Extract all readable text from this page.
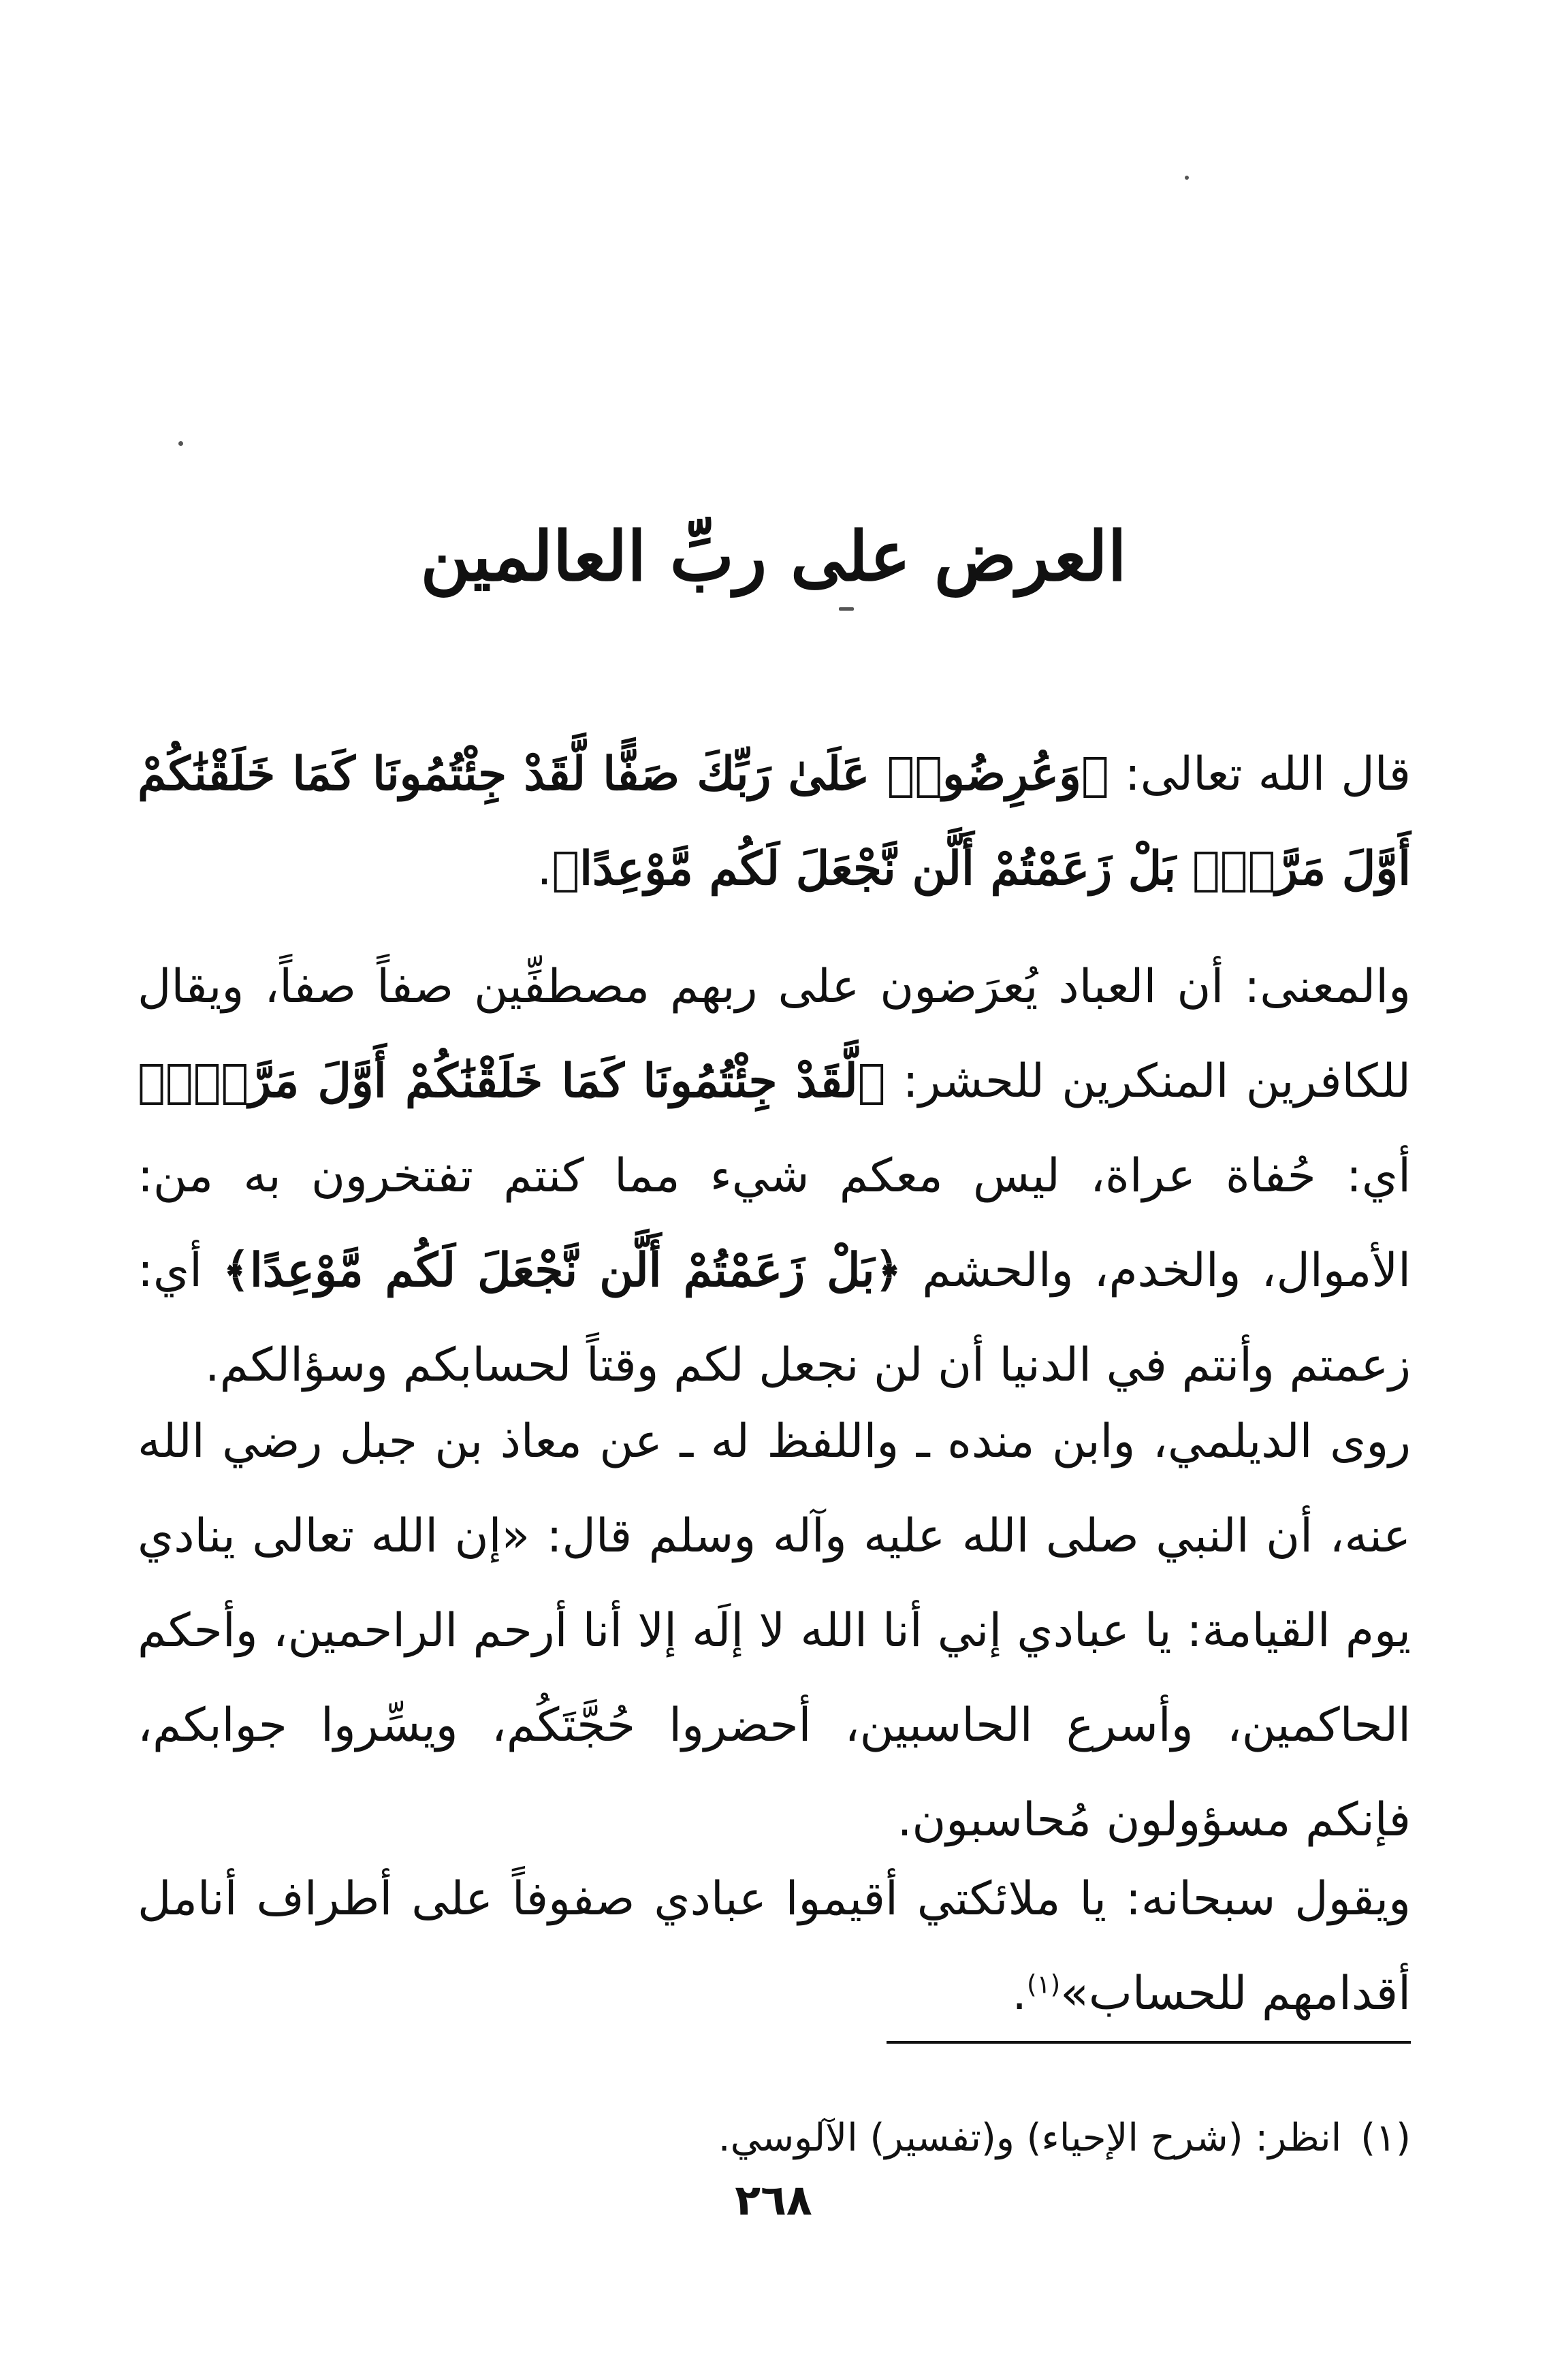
العرض على ربِّ العالمين

قال الله تعالى: ﴿وَعُرِضُوا۟ عَلَىٰ رَبِّكَ صَفًّا لَّقَدْ جِئْتُمُونَا كَمَا خَلَقْنَٰكُمْ أَوَّلَ مَرَّةٍۭ بَلْ زَعَمْتُمْ أَلَّن نَّجْعَلَ لَكُم مَّوْعِدًا﴾.

والمعنى: أن العباد يُعرَضون على ربهم مصطفِّين صفاً صفاً، ويقال للكافرين المنكرين للحشر: ﴿لَّقَدْ جِئْتُمُونَا كَمَا خَلَقْنَٰكُمْ أَوَّلَ مَرَّةٍۭ﴾ أي: حُفاة عراة، ليس معكم شيء مما كنتم تفتخرون به من: الأموال، والخدم، والحشم ﴿بَلْ زَعَمْتُمْ أَلَّن نَّجْعَلَ لَكُم مَّوْعِدًا﴾ أي: زعمتم وأنتم في الدنيا أن لن نجعل لكم وقتاً لحسابكم وسؤالكم.

روى الديلمي، وابن منده ـ واللفظ له ـ عن معاذ بن جبل رضي الله عنه، أن النبي صلى الله عليه وآله وسلم قال: «إن الله تعالى ينادي يوم القيامة: يا عبادي إني أنا الله لا إلَه إلا أنا أرحم الراحمين، وأحكم الحاكمين، وأسرع الحاسبين، أحضروا حُجَّتَكُم، ويسِّروا جوابكم، فإنكم مسؤولون مُحاسبون.

ويقول سبحانه: يا ملائكتي أقيموا عبادي صفوفاً على أطراف أنامل أقدامهم للحساب»$^{(١)}$.

(١)انظر: (شرح الإحياء) و(تفسير) الآلوسي.

٢٦٨
